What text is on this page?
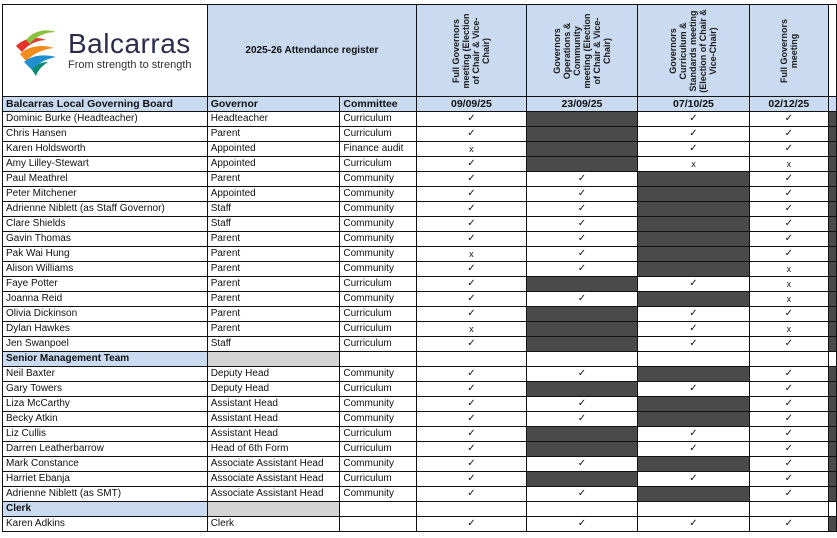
Balcarras
From strength to strength	2025-26 Attendance register		Full Governors meeting (Election of Chair & Vice-Chair)	Governors Operations & Community meeting (Election of Chair & Vice-Chair)	Governors Curriculum & Standards meeting (Election of Chair & Vice-Chair)	Full Governors meeting	

Balcarras Local Governing Board	Governor	Committee	09/09/25	23/09/25	07/10/25	02/12/25	
Dominic Burke (Headteacher)	Headteacher	Curriculum	✓		✓	✓	
Chris Hansen	Parent	Curriculum	✓		✓	✓	
Karen Holdsworth	Appointed	Finance audit	x		✓	✓	
Amy Lilley-Stewart	Appointed	Curriculum	✓		x	x	
Paul Meathrel	Parent	Community	✓	✓		✓	
Peter Mitchener	Appointed	Community	✓	✓		✓	
Adrienne Niblett (as Staff Governor)	Staff	Community	✓	✓		✓	
Clare Shields	Staff	Community	✓	✓		✓	
Gavin Thomas	Parent	Community	✓	✓		✓	
Pak Wai Hung	Parent	Community	x	✓		✓	
Alison Williams	Parent	Community	✓	✓		x	
Faye Potter	Parent	Curriculum	✓		✓	x	
Joanna Reid	Parent	Community	✓	✓		x	
Olivia Dickinson	Parent	Curriculum	✓		✓	✓	
Dylan Hawkes	Parent	Curriculum	x		✓	x	
Jen Swanpoel	Staff	Curriculum	✓		✓	✓	
Senior Management Team							
Neil Baxter	Deputy Head	Community	✓	✓		✓	
Gary Towers	Deputy Head	Curriculum	✓		✓	✓	
Liza McCarthy	Assistant Head	Community	✓	✓		✓	
Becky Atkin	Assistant Head	Community	✓	✓		✓	
Liz Cullis	Assistant Head	Curriculum	✓		✓	✓	
Darren Leatherbarrow	Head of 6th Form	Curriculum	✓		✓	✓	
Mark Constance	Associate Assistant Head	Community	✓	✓		✓	
Harriet Ebanja	Associate Assistant Head	Curriculum	✓		✓	✓	
Adrienne Niblett (as SMT)	Associate Assistant Head	Community	✓	✓		✓	
Clerk							
Karen Adkins	Clerk		✓	✓	✓	✓	
